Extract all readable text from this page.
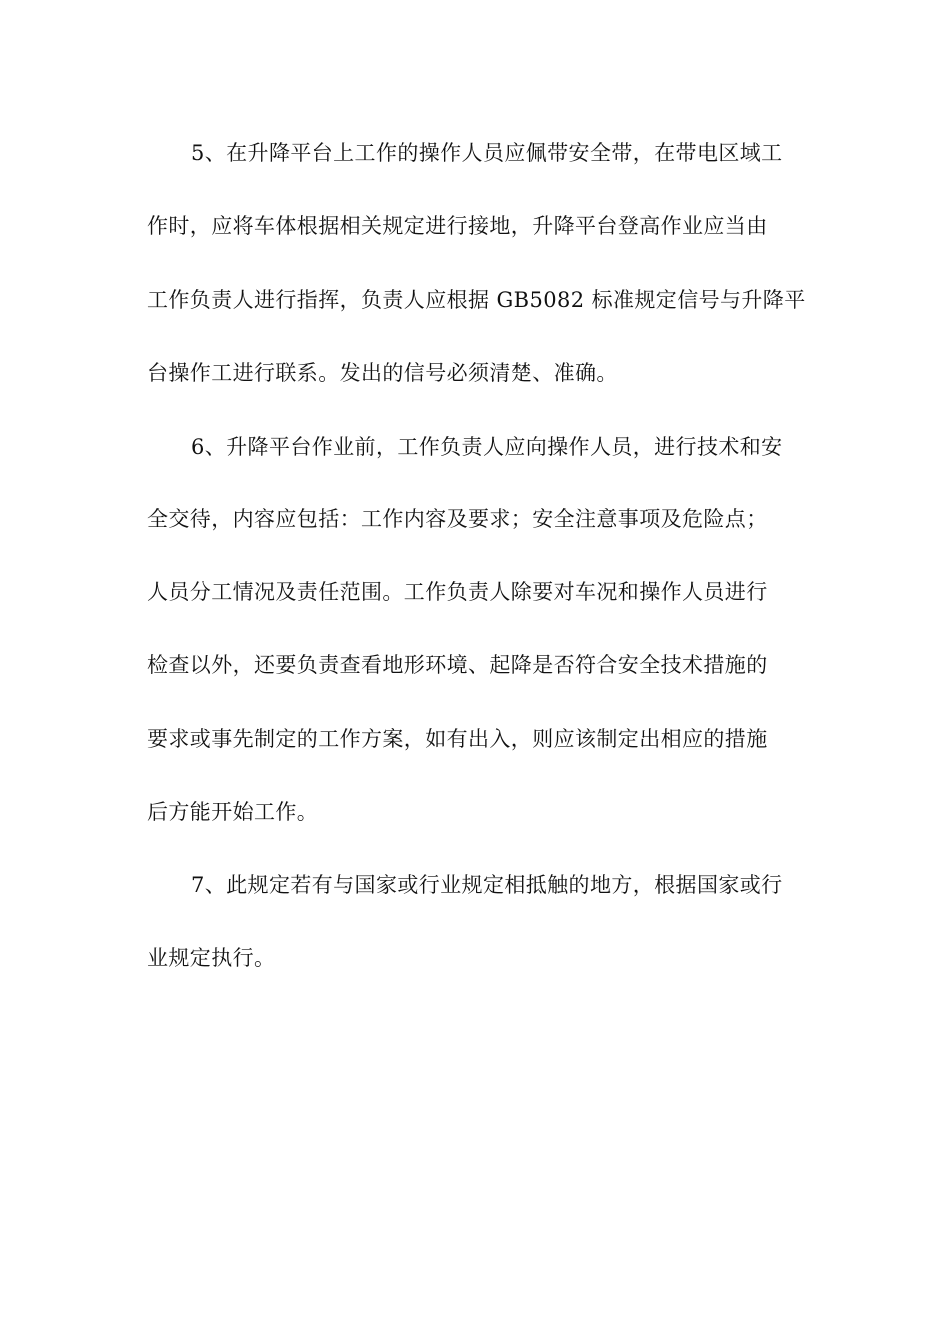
5、在升降平台上工作的操作人员应佩带安全带，在带电区域工
作时，应将车体根据相关规定进行接地，升降平台登高作业应当由
工作负责人进行指挥，负责人应根据 GB5082 标准规定信号与升降平
台操作工进行联系。发出的信号必须清楚、准确。
6、升降平台作业前，工作负责人应向操作人员，进行技术和安
全交待，内容应包括：工作内容及要求；安全注意事项及危险点；
人员分工情况及责任范围。工作负责人除要对车况和操作人员进行
检查以外，还要负责查看地形环境、起降是否符合安全技术措施的
要求或事先制定的工作方案，如有出入，则应该制定出相应的措施
后方能开始工作。
7、此规定若有与国家或行业规定相抵触的地方，根据国家或行
业规定执行。
